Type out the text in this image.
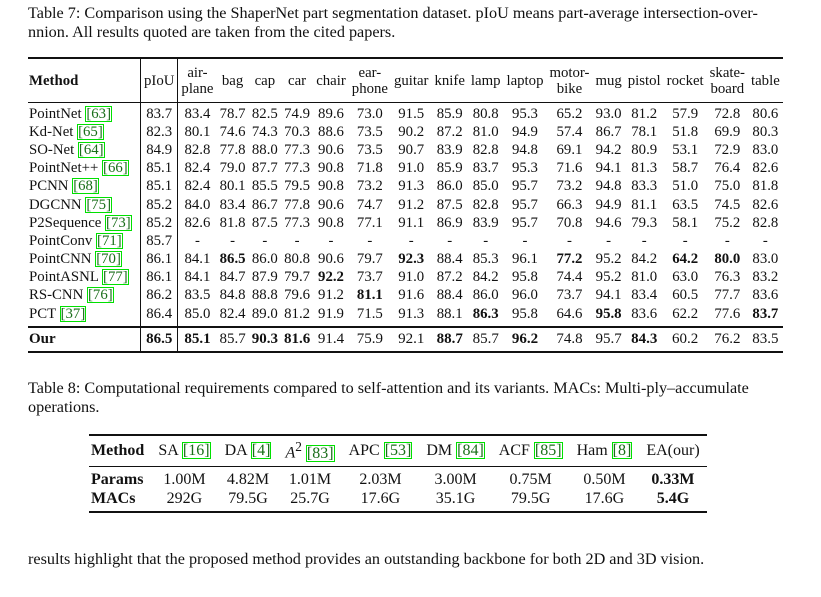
Table 7: Comparison using the ShaperNet part segmentation dataset. pIoU means part-average intersection-over-nnion. All results quoted are taken from the cited papers.

Method	pIoU	air-
plane	bag	cap	car	chair	ear-
phone	guitar	knife	lamp	laptop	motor-
bike	mug	pistol	rocket	skate-
board	table
PointNet [63]	83.7	83.4	78.7	82.5	74.9	89.6	73.0	91.5	85.9	80.8	95.3	65.2	93.0	81.2	57.9	72.8	80.6
Kd-Net [65]	82.3	80.1	74.6	74.3	70.3	88.6	73.5	90.2	87.2	81.0	94.9	57.4	86.7	78.1	51.8	69.9	80.3
SO-Net [64]	84.9	82.8	77.8	88.0	77.3	90.6	73.5	90.7	83.9	82.8	94.8	69.1	94.2	80.9	53.1	72.9	83.0
PointNet++ [66]	85.1	82.4	79.0	87.7	77.3	90.8	71.8	91.0	85.9	83.7	95.3	71.6	94.1	81.3	58.7	76.4	82.6
PCNN [68]	85.1	82.4	80.1	85.5	79.5	90.8	73.2	91.3	86.0	85.0	95.7	73.2	94.8	83.3	51.0	75.0	81.8
DGCNN [75]	85.2	84.0	83.4	86.7	77.8	90.6	74.7	91.2	87.5	82.8	95.7	66.3	94.9	81.1	63.5	74.5	82.6
P2Sequence [73]	85.2	82.6	81.8	87.5	77.3	90.8	77.1	91.1	86.9	83.9	95.7	70.8	94.6	79.3	58.1	75.2	82.8
PointConv [71]	85.7	-	-	-	-	-	-	-	-	-	-	-	-	-	-	-	-
PointCNN [70]	86.1	84.1	86.5	86.0	80.8	90.6	79.7	92.3	88.4	85.3	96.1	77.2	95.2	84.2	64.2	80.0	83.0
PointASNL [77]	86.1	84.1	84.7	87.9	79.7	92.2	73.7	91.0	87.2	84.2	95.8	74.4	95.2	81.0	63.0	76.3	83.2
RS-CNN [76]	86.2	83.5	84.8	88.8	79.6	91.2	81.1	91.6	88.4	86.0	96.0	73.7	94.1	83.4	60.5	77.7	83.6
PCT [37]	86.4	85.0	82.4	89.0	81.2	91.9	71.5	91.3	88.1	86.3	95.8	64.6	95.8	83.6	62.2	77.6	83.7
Our	86.5	85.1	85.7	90.3	81.6	91.4	75.9	92.1	88.7	85.7	96.2	74.8	95.7	84.3	60.2	76.2	83.5

Table 8: Computational requirements compared to self-attention and its variants. MACs: Multi-ply–accumulate operations.

Method	SA [16]	DA [4]	$A^2$ [83]	APC [53]	DM [84]	ACF [85]	Ham [8]	EA(our)
Params	1.00M	4.82M	1.01M	2.03M	3.00M	0.75M	0.50M	0.33M
MACs	292G	79.5G	25.7G	17.6G	35.1G	79.5G	17.6G	5.4G

results highlight that the proposed method provides an outstanding backbone for both 2D and 3D vision.
